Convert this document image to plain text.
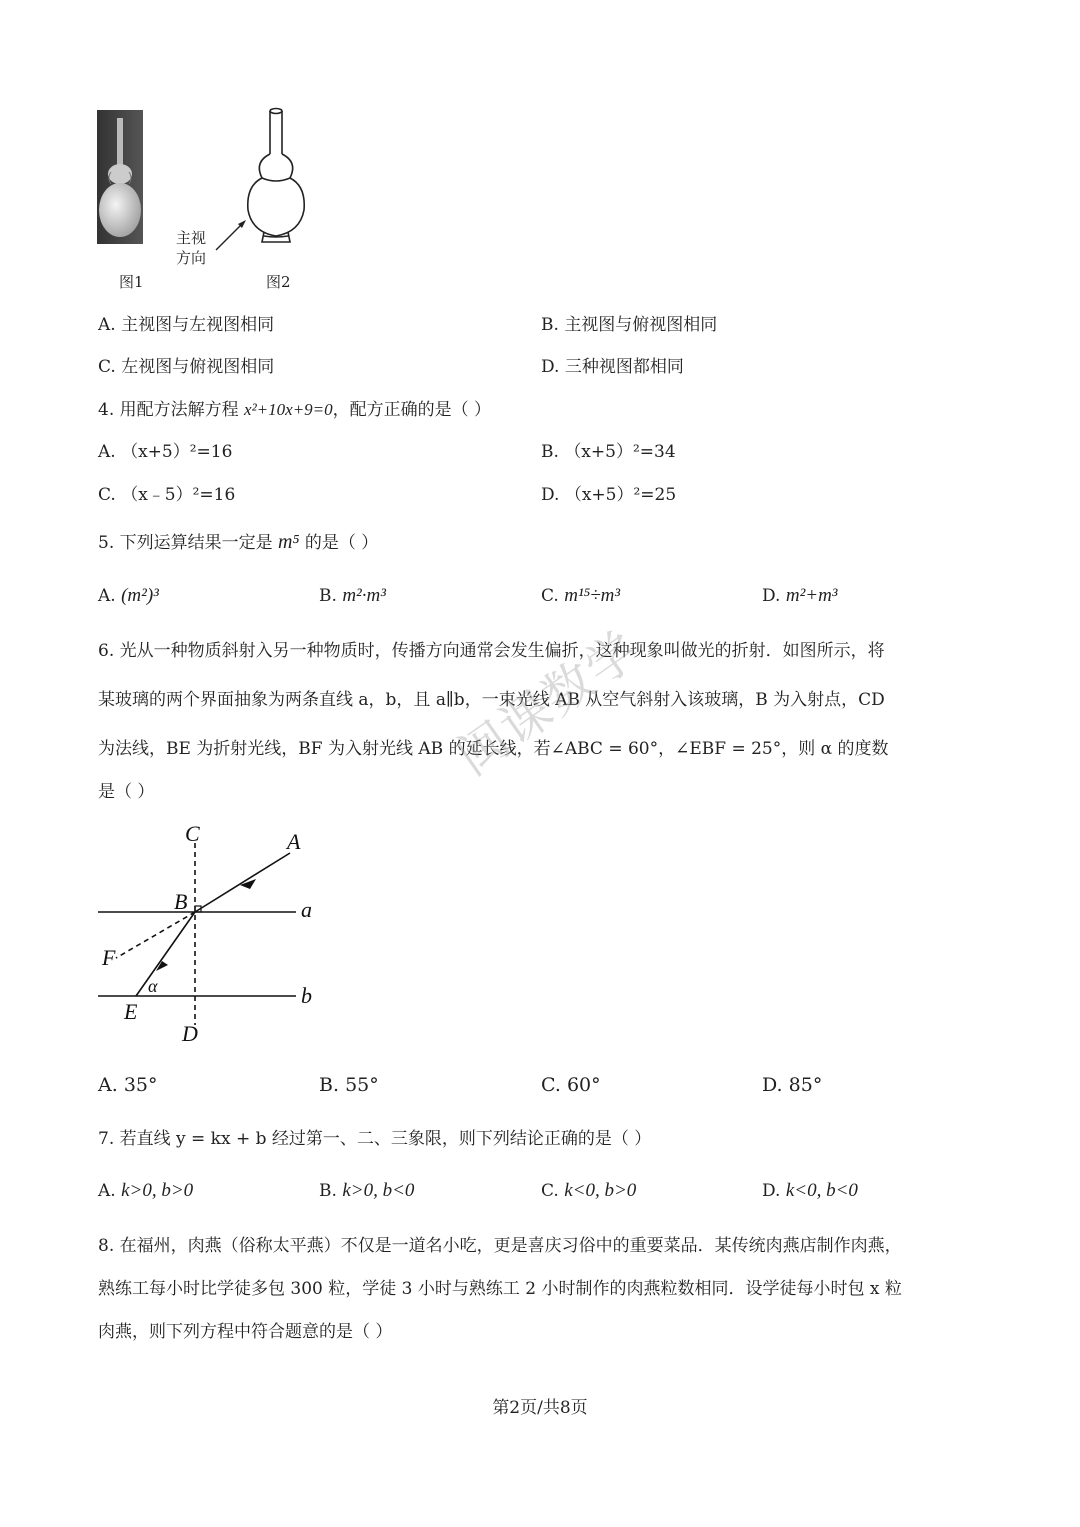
图1
主视
方向
图2
A. 主视图与左视图相同	B. 主视图与俯视图相同
C. 左视图与俯视图相同	D. 三种视图都相同
4. 用配方法解方程 x²+10x+9=0，配方正确的是（ ）
A. （x+5）²=16	B. （x+5）²=34
C. （x﹣5）²=16	D. （x+5）²=25
5. 下列运算结果一定是 m⁵ 的是（ ）
A. (m²)³	B. m²·m³	C. m¹⁵÷m³	D. m²+m³
6. 光从一种物质斜射入另一种物质时，传播方向通常会发生偏折，这种现象叫做光的折射．如图所示，将
某玻璃的两个界面抽象为两条直线 a，b，且 a∥b，一束光线 AB 从空气斜射入该玻璃，B 为入射点，CD
为法线，BE 为折射光线，BF 为入射光线 AB 的延长线，若∠ABC = 60°，∠EBF = 25°，则 α 的度数
是（ ）
C	A
B	a
F
α
E
b
D
A. 35°	B. 55°	C. 60°	D. 85°
7. 若直线 y = kx + b 经过第一、二、三象限，则下列结论正确的是（ ）
A. k>0, b>0	B. k>0, b<0	C. k<0, b>0	D. k<0, b<0
8. 在福州，肉燕（俗称太平燕）不仅是一道名小吃，更是喜庆习俗中的重要菜品．某传统肉燕店制作肉燕，
熟练工每小时比学徒多包 300 粒，学徒 3 小时与熟练工 2 小时制作的肉燕粒数相同．设学徒每小时包 x 粒
肉燕，则下列方程中符合题意的是（ ）
闽课数学
第2页/共8页
